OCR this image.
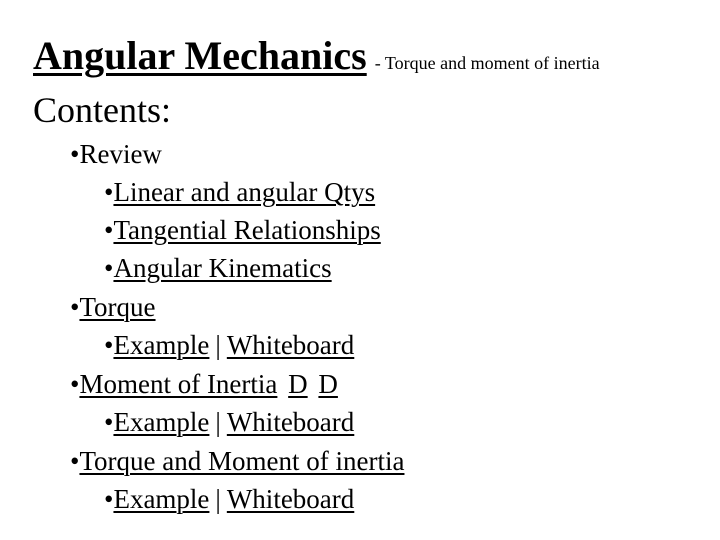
Angular Mechanics - Torque and moment of inertia
Contents:
•Review
•Linear and angular Qtys
•Tangential Relationships
•Angular Kinematics
•Torque
•Example | Whiteboard
•Moment of Inertia D D
•Example | Whiteboard
•Torque and Moment of inertia
•Example | Whiteboard
